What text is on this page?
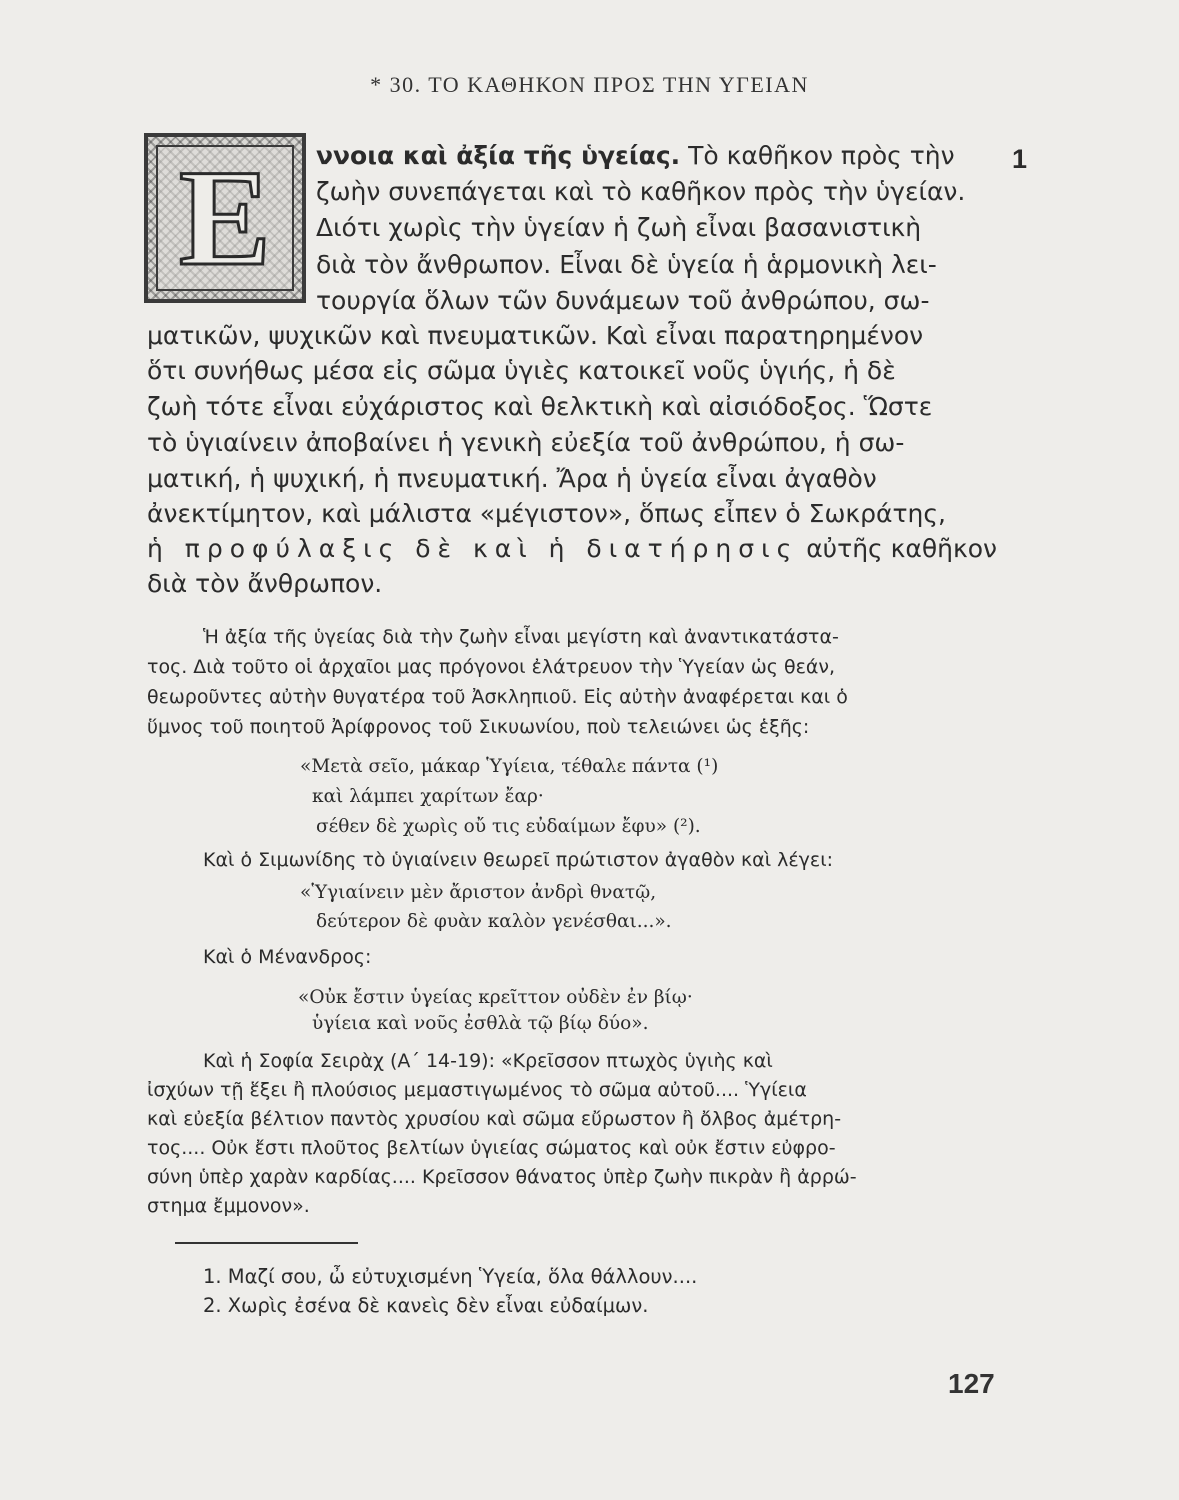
* 30. ΤΟ ΚΑΘΗΚΟΝ ΠΡΟΣ ΤΗΝ ΥΓΕΙΑΝ
Ε	1
ννοια καὶ ἀξία τῆς ὑγείας. Τὸ καθῆκον πρὸς τὴν
ζωὴν συνεπάγεται καὶ τὸ καθῆκον πρὸς τὴν ὑγείαν.
Διότι χωρὶς τὴν ὑγείαν ἡ ζωὴ εἶναι βασανιστικὴ
διὰ τὸν ἄνθρωπον. Εἶναι δὲ ὑγεία ἡ ἁρμονικὴ λει-
τουργία ὅλων τῶν δυνάμεων τοῦ ἀνθρώπου, σω-
ματικῶν, ψυχικῶν καὶ πνευματικῶν. Καὶ εἶναι παρατηρημένον
ὅτι συνήθως μέσα εἰς σῶμα ὑγιὲς κατοικεῖ νοῦς ὑγιής, ἡ δὲ
ζωὴ τότε εἶναι εὐχάριστος καὶ θελκτικὴ καὶ αἰσιόδοξος. Ὥστε
τὸ ὑγιαίνειν ἀποβαίνει ἡ γενικὴ εὐεξία τοῦ ἀνθρώπου, ἡ σω-
ματική, ἡ ψυχική, ἡ πνευματική. Ἄρα ἡ ὑγεία εἶναι ἀγαθὸν
ἀνεκτίμητον, καὶ μάλιστα «μέγιστον», ὅπως εἶπεν ὁ Σωκράτης,
ἡ προφύλαξις δὲ καὶ ἡ διατήρησις αὐτῆς καθῆκον
διὰ τὸν ἄνθρωπον.
Ἡ ἀξία τῆς ὑγείας διὰ τὴν ζωὴν εἶναι μεγίστη καὶ ἀναντικατάστα-
τος. Διὰ τοῦτο οἱ ἀρχαῖοι μας πρόγονοι ἐλάτρευον τὴν Ὑγείαν ὡς θεάν,
θεωροῦντες αὐτὴν θυγατέρα τοῦ Ἀσκληπιοῦ. Εἰς αὐτὴν ἀναφέρεται και ὁ
ὕμνος τοῦ ποιητοῦ Ἀρίφρονος τοῦ Σικυωνίου, ποὺ τελειώνει ὡς ἑξῆς:
«Μετὰ σεῖο, μάκαρ Ὑγίεια, τέθαλε πάντα (¹)
καὶ λάμπει χαρίτων ἔαρ·
σέθεν δὲ χωρὶς οὔ τις εὐδαίμων ἔφυ» (²).
Καὶ ὁ Σιμωνίδης τὸ ὑγιαίνειν θεωρεῖ πρώτιστον ἀγαθὸν καὶ λέγει:
«Ὑγιαίνειν μὲν ἄριστον ἀνδρὶ θνατῷ,
δεύτερον δὲ φυὰν καλὸν γενέσθαι...».
Καὶ ὁ Μένανδρος:
«Οὐκ ἔστιν ὑγείας κρεῖττον οὐδὲν ἐν βίῳ·
ὑγίεια καὶ νοῦς ἐσθλὰ τῷ βίῳ δύο».
Καὶ ἡ Σοφία Σειρὰχ (Α΄ 14-19): «Κρεῖσσον πτωχὸς ὑγιὴς καὶ
ἰσχύων τῇ ἕξει ἢ πλούσιος μεμαστιγωμένος τὸ σῶμα αὐτοῦ.... Ὑγίεια
καὶ εὐεξία βέλτιον παντὸς χρυσίου καὶ σῶμα εὔρωστον ἢ ὄλβος ἀμέτρη-
τος.... Οὐκ ἔστι πλοῦτος βελτίων ὑγιείας σώματος καὶ οὐκ ἔστιν εὐφρο-
σύνη ὑπὲρ χαρὰν καρδίας.... Κρεῖσσον θάνατος ὑπὲρ ζωὴν πικρὰν ἢ ἀρρώ-
στημα ἔμμονον».
1. Μαζί σου, ὦ εὐτυχισμένη Ὑγεία, ὅλα θάλλουν....
2. Χωρὶς ἐσένα δὲ κανεὶς δὲν εἶναι εὐδαίμων.
127
